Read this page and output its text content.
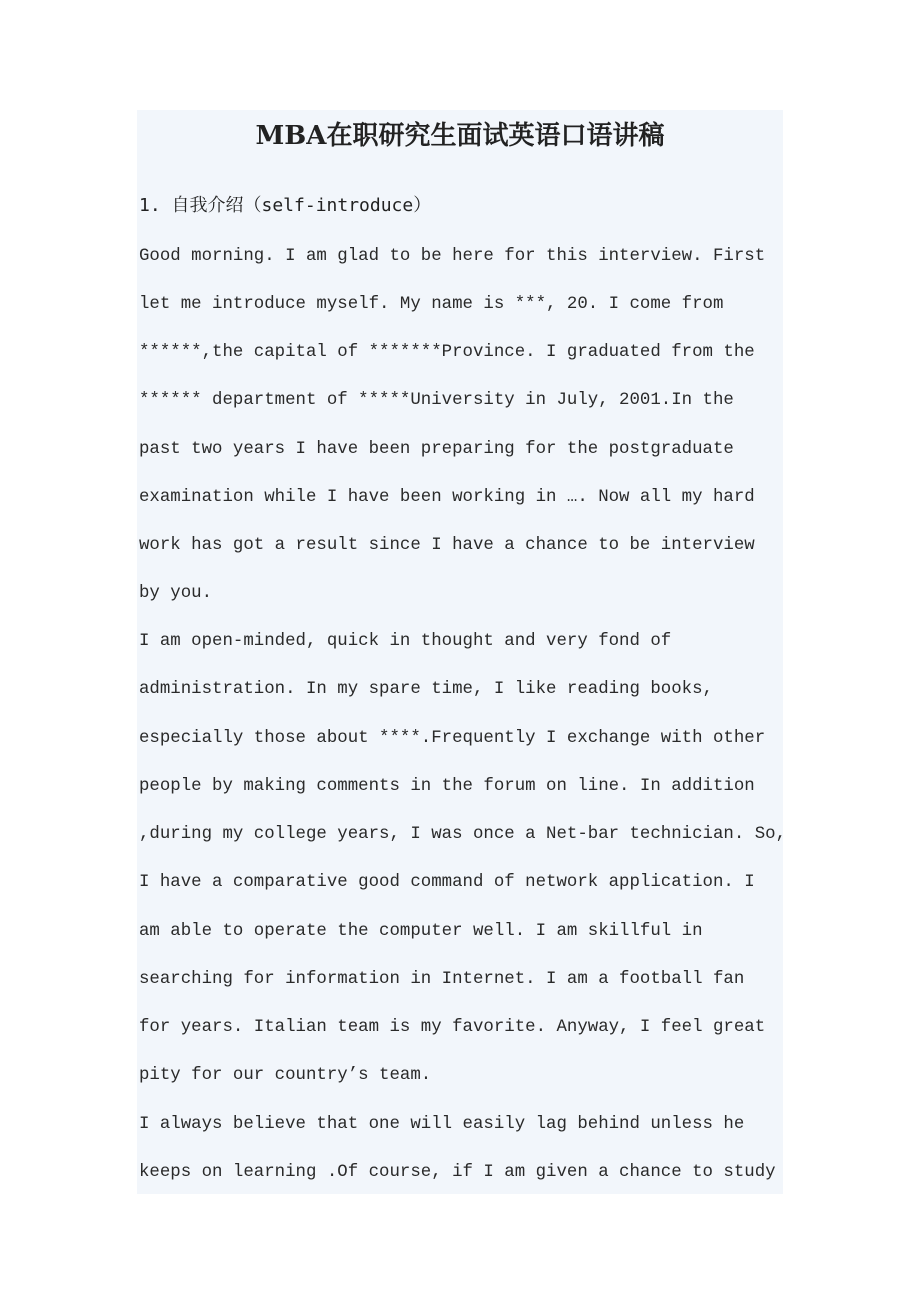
MBA在职研究生面试英语口语讲稿

1. 自我介绍（self-introduce）

Good morning. I am glad to be here for this interview. First

let me introduce myself. My name is ***, 20. I come from

******,the capital of *******Province. I graduated from the

****** department of *****University in July, 2001.In the

past two years I have been preparing for the postgraduate

examination while I have been working in …. Now all my hard

work has got a result since I have a chance to be interview

by you.

I am open-minded, quick in thought and very fond of

administration. In my spare time, I like reading books,

especially those about ****.Frequently I exchange with other

people by making comments in the forum on line. In addition

,during my college years, I was once a Net-bar technician. So,

I have a comparative good command of network application. I

am able to operate the computer well. I am skillful in

searching for information in Internet. I am a football fan

for years. Italian team is my favorite. Anyway, I feel great

pity for our country’s team.

I always believe that one will easily lag behind unless he

keeps on learning .Of course, if I am given a chance to study
